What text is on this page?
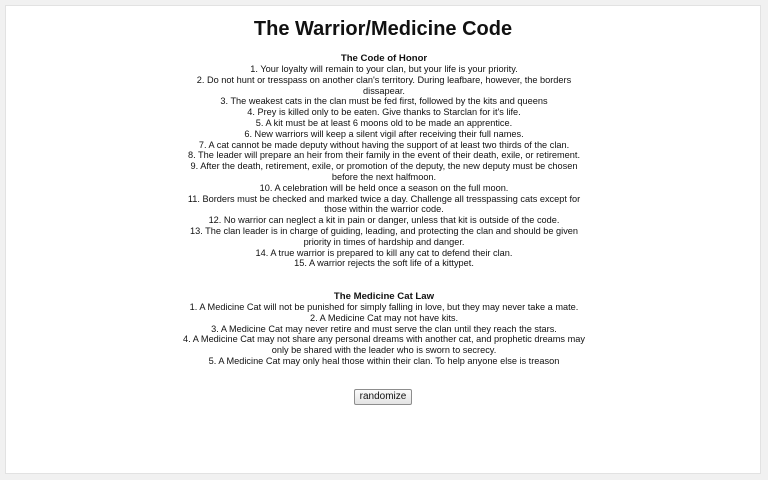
The Warrior/Medicine Code

The Code of Honor

1. Your loyalty will remain to your clan, but your life is your priority.
2. Do not hunt or tresspass on another clan's territory. During leafbare, however, the borders dissapear.
3. The weakest cats in the clan must be fed first, followed by the kits and queens
4. Prey is killed only to be eaten. Give thanks to Starclan for it's life.
5. A kit must be at least 6 moons old to be made an apprentice.
6. New warriors will keep a silent vigil after receiving their full names.
7. A cat cannot be made deputy without having the support of at least two thirds of the clan.
8. The leader will prepare an heir from their family in the event of their death, exile, or retirement.
9. After the death, retirement, exile, or promotion of the deputy, the new deputy must be chosen before the next halfmoon.
10. A celebration will be held once a season on the full moon.
11. Borders must be checked and marked twice a day. Challenge all tresspassing cats except for those within the warrior code.
12. No warrior can neglect a kit in pain or danger, unless that kit is outside of the code.
13. The clan leader is in charge of guiding, leading, and protecting the clan and should be given priority in times of hardship and danger.
14. A true warrior is prepared to kill any cat to defend their clan.
15. A warrior rejects the soft life of a kittypet.

The Medicine Cat Law

1. A Medicine Cat will not be punished for simply falling in love, but they may never take a mate.
2. A Medicine Cat may not have kits.
3. A Medicine Cat may never retire and must serve the clan until they reach the stars.
4. A Medicine Cat may not share any personal dreams with another cat, and prophetic dreams may only be shared with the leader who is sworn to secrecy.
5. A Medicine Cat may only heal those within their clan. To help anyone else is treason
randomize
